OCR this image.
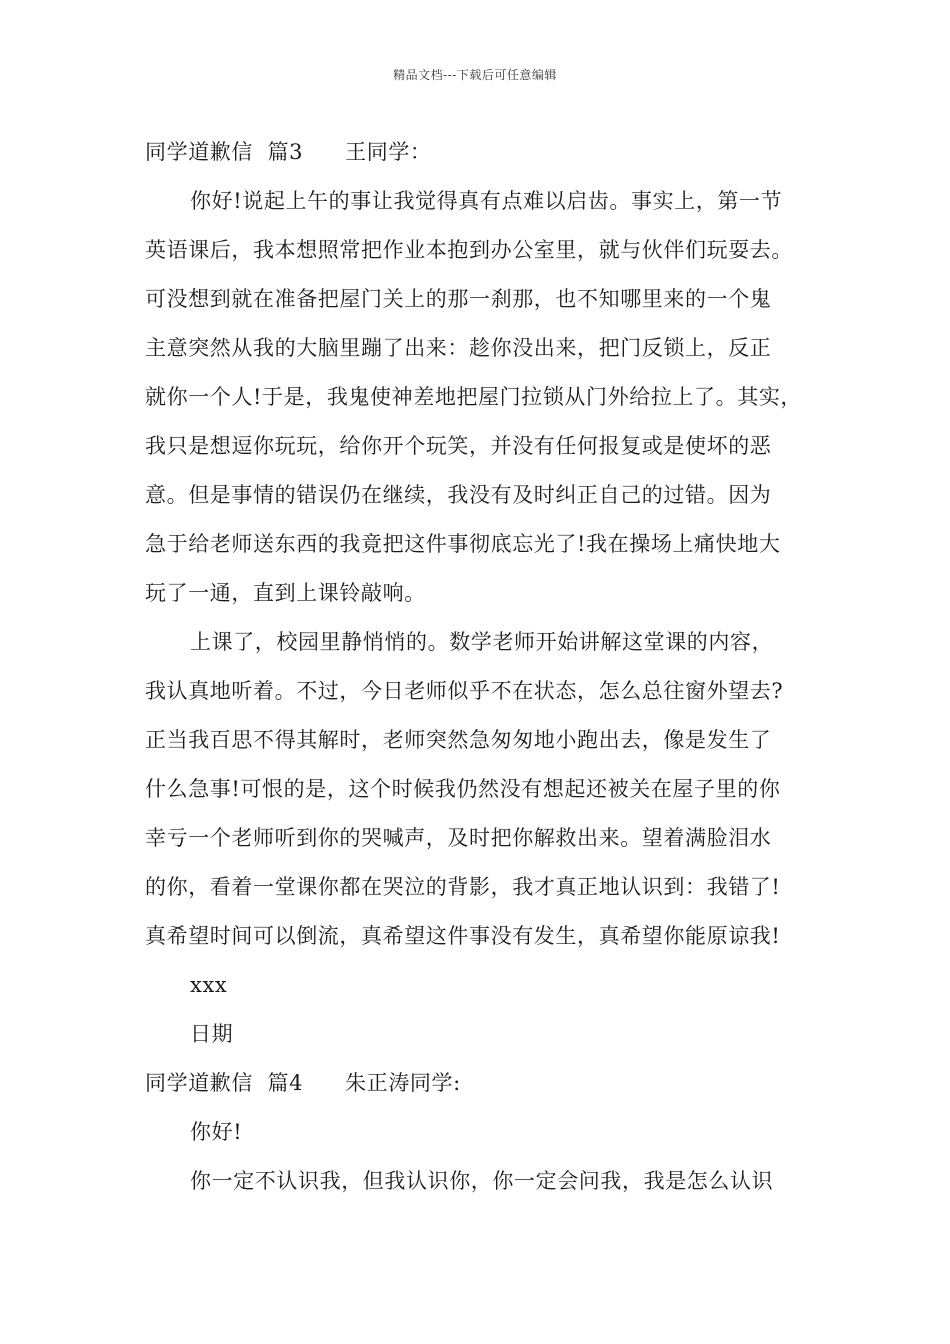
精品文档---下载后可任意编辑
同学道歉信  篇3 王同学：
你好!说起上午的事让我觉得真有点难以启齿。事实上，第一节
英语课后，我本想照常把作业本抱到办公室里，就与伙伴们玩耍去。
可没想到就在准备把屋门关上的那一刹那，也不知哪里来的一个鬼
主意突然从我的大脑里蹦了出来：趁你没出来，把门反锁上，反正
就你一个人!于是，我鬼使神差地把屋门拉锁从门外给拉上了。其实，
我只是想逗你玩玩，给你开个玩笑，并没有任何报复或是使坏的恶
意。但是事情的错误仍在继续，我没有及时纠正自己的过错。因为
急于给老师送东西的我竟把这件事彻底忘光了!我在操场上痛快地大
玩了一通，直到上课铃敲响。
上课了，校园里静悄悄的。数学老师开始讲解这堂课的内容，
我认真地听着。不过，今日老师似乎不在状态，怎么总往窗外望去?
正当我百思不得其解时，老师突然急匆匆地小跑出去，像是发生了
什么急事!可恨的是，这个时候我仍然没有想起还被关在屋子里的你
幸亏一个老师听到你的哭喊声，及时把你解救出来。望着满脸泪水
的你，看着一堂课你都在哭泣的背影，我才真正地认识到：我错了!
真希望时间可以倒流，真希望这件事没有发生，真希望你能原谅我!
xxx
日期
同学道歉信  篇4 朱正涛同学:
你好!
你一定不认识我，但我认识你，你一定会问我，我是怎么认识
